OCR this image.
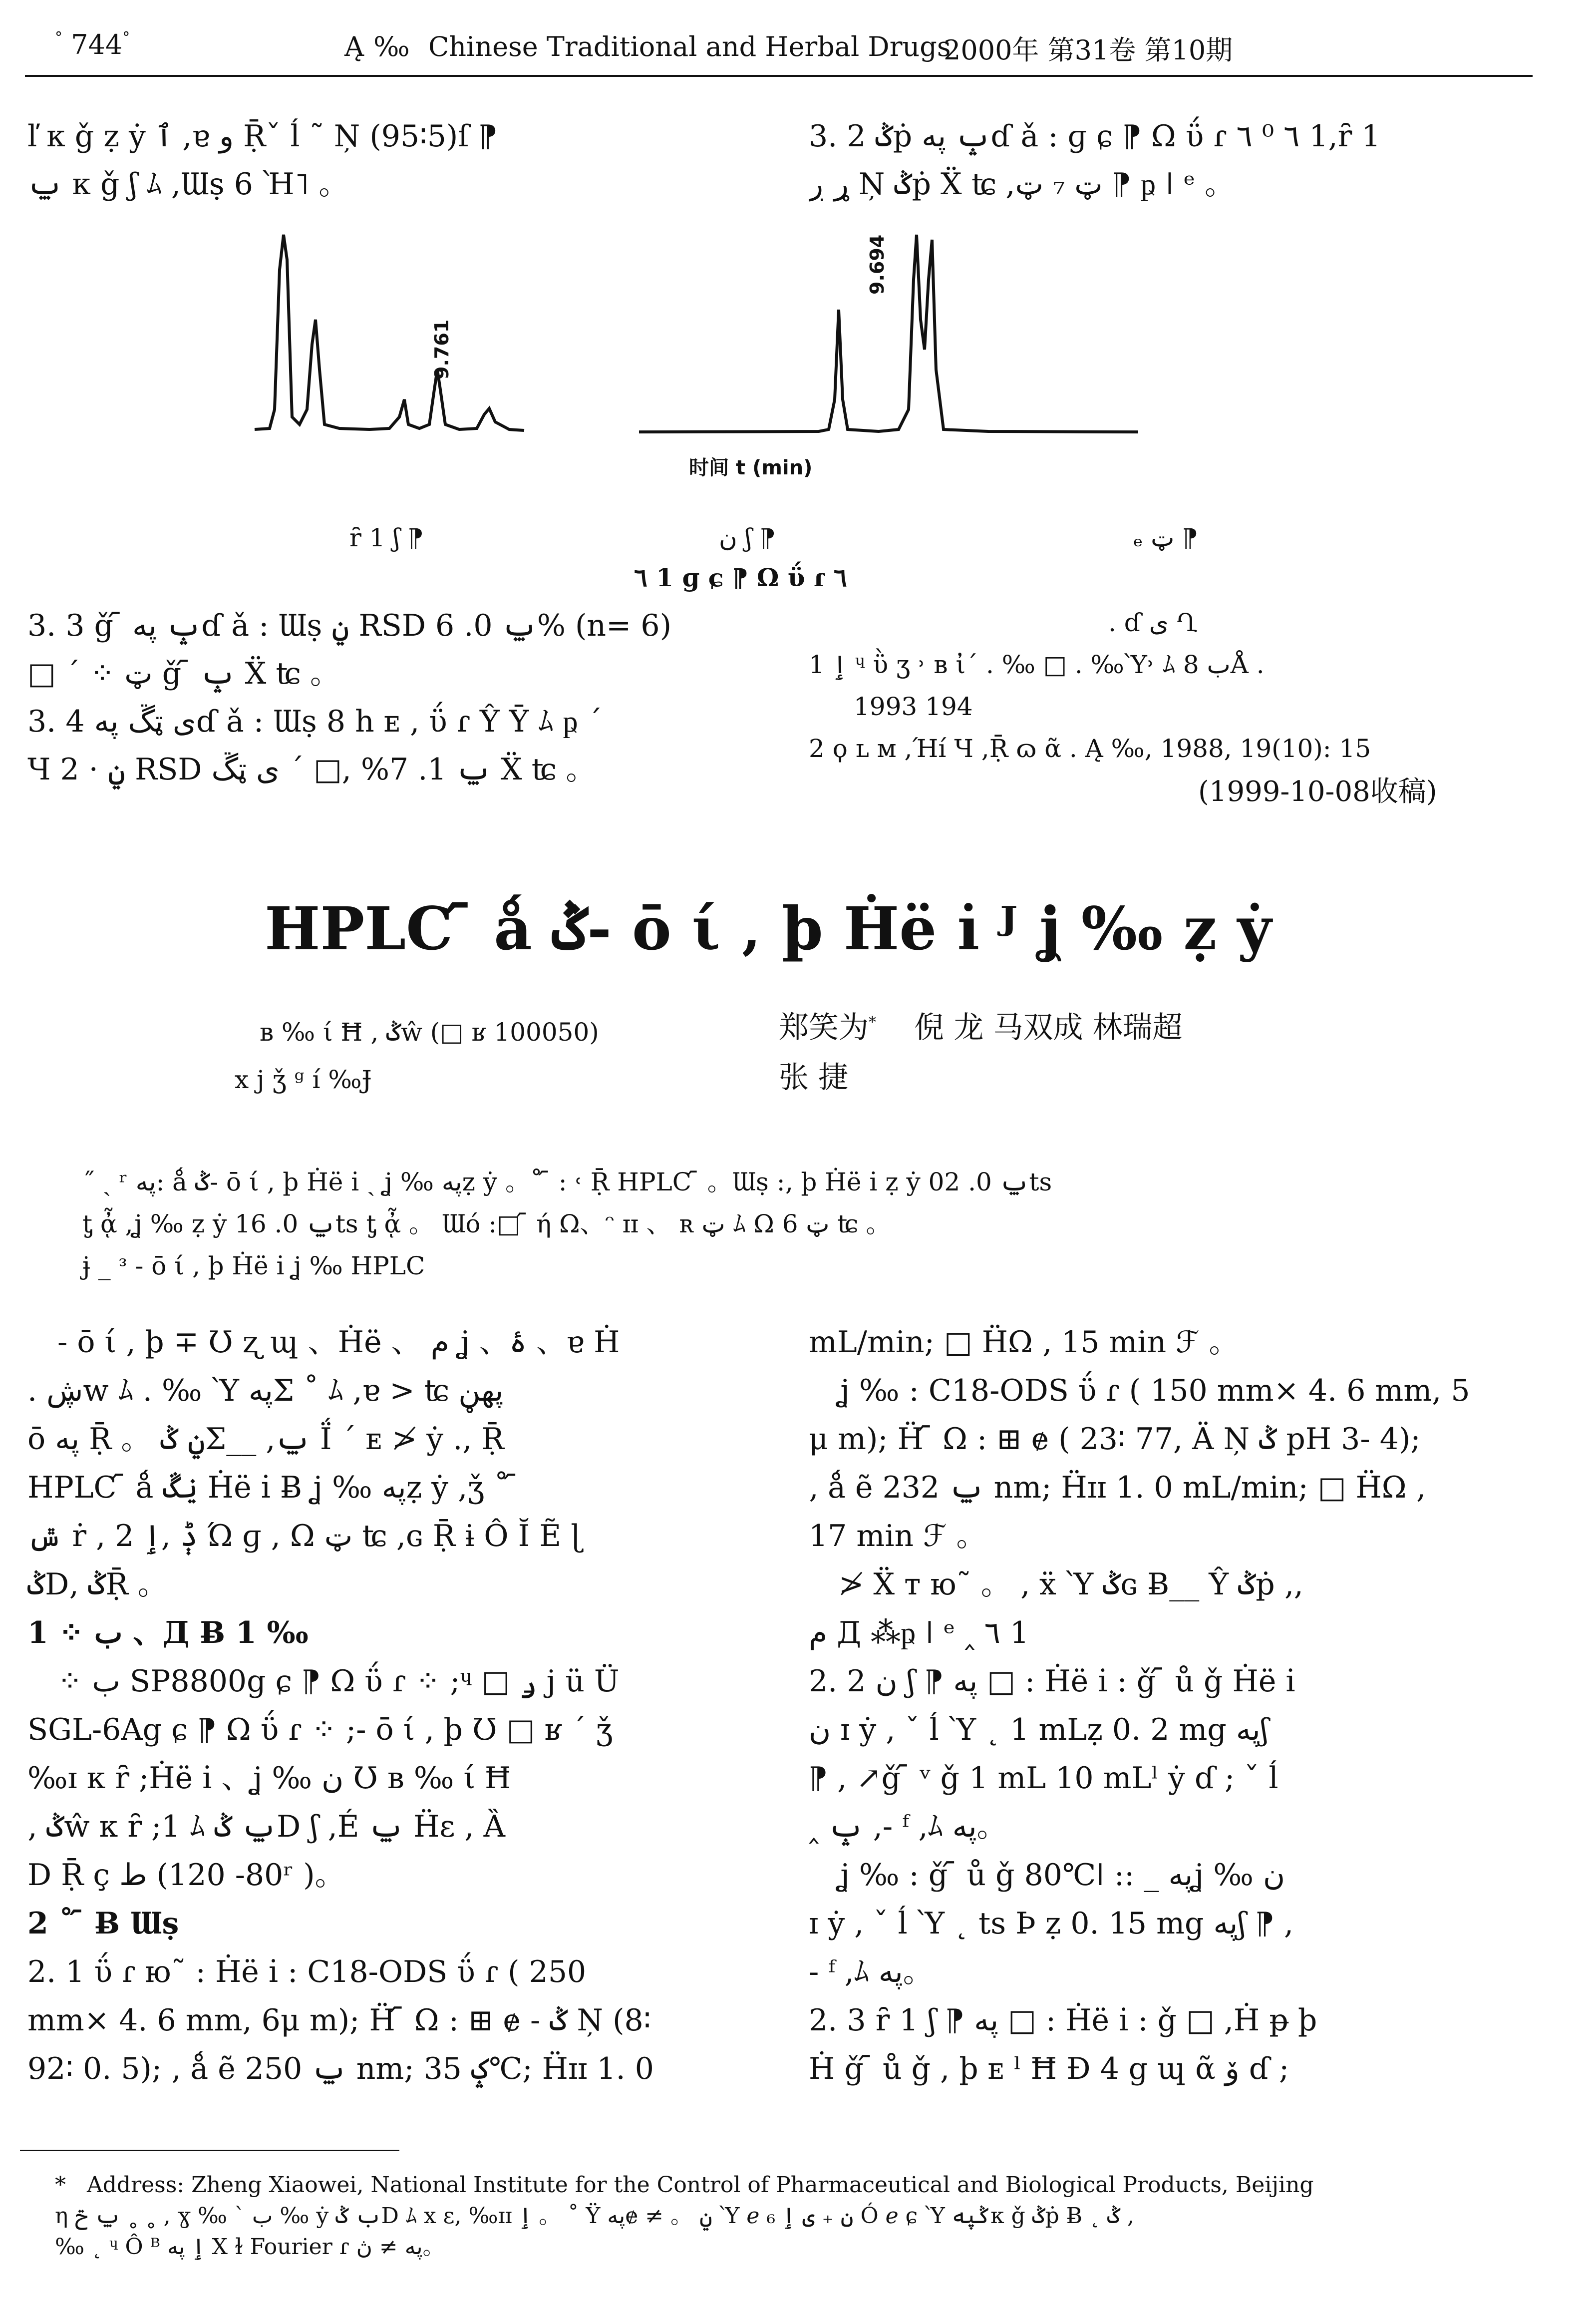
° 744°	Ą ‰  Chinese Traditional and Herbal Drugs
2000年 第31卷 第10期
ľ κ ǧ ẓ ẏ ٱ ,ɐ و Ṝˇ ĺ ˜ Ņ (95∶5)ſ ⁋
ݐ κ ǧ ʃ ﾑ ,Ɯṣ 6 Ὴ˥ 。
3. 2 ݣṗ ݒ پهɗ ǎ : ɡ ɕ ⁋ Ω ΰ ɾ ٦ ⁰ ٦ 1,ȓ 1
ړ ڔ Ņ ݣṗ Ẍ ʨ ,ټ ₇ ټ ⁋ ҏ ǀ ᵉ 。
9.761
9.694
时间 t (min)
ȓ 1 ʃ ⁋	ن ʃ ⁋	ₑ ټ ⁋
٦ 1 ɡ ɕ ⁋ Ω ΰ ɾ ٦
3. 3 ǧ ᷇ ݒ پهɗ ǎ : Ɯṣ ݧ RSD ݐ 0. 6% (n= 6)
□ ΄ ⁘ ټ ǧ ᷇ ݒ Ẍ ʨ 。
3. 4 ی ټڱ پهɗ ǎ : Ɯṣ 8 h ᴇ , ΰ ɾ Ŷ Ȳ ﾑ ҏ ΄
Ч 2 · ݧ RSD ݐ 1. 7% ,□ ΄ ی ټڱ Ẍ ʨ 。
. ɗ ی Ղ
1 ٳ ᶣ ῢ ʒ ˒ ʙ ἰ΄ . ‰ □ . ‰Ὺ˒ ﾑ ب 8Å .
1993 194
2 ϙ ʟ ᴍ ,Ήí Ч ,Ṝ ɷ ᾶ . Ą ‰, 1988, 19(10): 15
(1999-10-08收稿)
HPLC ᷇ ǻ ݣ- ō ί ‚ þ Ḣë ı̇ ᴶ ʝ ‰ ẓ ẏ
ʙ ‰ ί Ħ ‚ ݣŵ (□ ʁ 100050)
x j ǯ ᵍ í ‰Ɉ
郑笑为* 倪 龙 马双成 林瑞超
张 捷
˝ ˎ ʳ په: ǻ ݣ- ō ί ‚ þ Ḣë ı̇ ˎ ʝ ‰ پهẓ ẏ 。˚ ᷇ : ˓ Ṝ HPLC ᷇ 。Ɯṣ :‚ þ Ḣë ı̇ ẓ ẏ ݐ 0. 02ts
ƫ ᾆ ,ʝ ‰ ẓ ẏ ݐ 0. 16ts ƫ ᾆ 。 Ɯό :□ ᷇ ή Ω、ᵔ ɪɪ 、 ʀ ټ ﾑ Ω ټ 6 ʨ 。
ɉ _ ᵌ - ō ί ‚ þ Ḣë ı̇ ʝ ‰ HPLC
- ō ί ‚ þ ∓ Ʊ ʐ ɰ 、Ḣë 、 م ʝ 、ۂ 、ɐ Ḣ
. ڜw ﾑ . ‰ Ὺ پهΣ ˚ ﾑ ,ɐ > ʨ پهڼ
ō په Ṝ 。 ݧ ݣΣ__ ,ݐ Ḯ ΄ ᴇ ≯ ẏ ., Ṝ
HPLC ᷇ ǻ ݧڱ Ḣë ı̇ Ƀ ʝ ‰ پهẓ ẏ ,ǯ ˚ ᷇
ݜ ṙ , ݙ ,ٳ 2 Ώ ɡ , Ω ټ ʨ ,ɢ Ṝ ɨ Ô Ĭ Ẽ ɭ
ݣD‚ ݣṜ 。
1 ⁘ ب 、Д Ƀ 1 ‰
⁘ ب SP8800g ɕ ⁋ Ω ΰ ɾ ⁘ ;ᶣ □ ݛ j ü Ü
SGL-6Ag ɕ ⁋ Ω ΰ ɾ ⁘ ;- ō ί ‚ þ Ʊ □ ʁ ΄ ǯ
‰ɪ κ ȓ ;Ḣë ı̇ 、ʝ ‰ ن Ʊ ʙ ‰ ί Ħ
‚ ݣŵ κ ȓ ;1 ﾑ ݐ ݣD ʃ ,É ݐ Ḧɛ , Ȁ
D Ṝ ç ط (80- 120ʳ )。
2 ˚ ᷇ Ƀ Ɯṣ
2. 1 ΰ ɾ ю˜ : Ḣë ı̇ : C18-ODS ΰ ɾ ( 250
mm× 4. 6 mm, 6μ m); Ḧ ᷇ Ω : ⊞ ɇ - ݣ Ņ (8∶
92∶ 0. 5); ‚ ǻ ẽ ݐ 250 nm; ݤ 35℃; Ḧɪɪ 1. 0
mL/min; □ ḦΩ ‚ 15 min ℱ 。
ʝ ‰ : C18-ODS ΰ ɾ ( 150 mm× 4. 6 mm, 5
μ m); Ḧ ᷇ Ω : ⊞ ɇ ( 23∶ 77, Ä Ņ ݣ pH 3- 4);
‚ ǻ ẽ ݐ 232 nm; Ḧɪɪ 1. 0 mL/min; □ ḦΩ ‚
17 min ℱ 。
≯ Ẍ т ю˜ 。 ‚ ẍ Ὺ ݣɢ Ƀ__ Ŷ ݣṗ ‚,
م Д ⁂ҏ ǀ ᵉ ‸ ٦ 1
2. 2 ن ʃ ⁋ په □ : Ḣë ı̇ : ǧ ᷇ ů ǧ Ḣë ı̇
ن ɪ ẏ , ˇ ĺ Ὺ ˛ 1 mLẓ 0. 2 mg پهʃ
⁋ , ↗ǧ ᷇ ᵛ ǧ 1 mL 10 mLˡ ẏ ɗ ; ˇ ĺ
‸ ݒ ,- ᶠ ,ﾑ په。
ʝ ‰ : ǧ ᷇ ů ǧ 80℃ǀ :: _ پهʝ ‰ ن
ɪ ẏ , ˇ ĺ Ὺ ˛ ts Ϸ ẓ 0. 15 mg پهʃ ⁋ ,
- ᶠ ,ﾑ په。
2. 3 ȓ 1 ʃ ⁋ په □ : Ḣë ı̇ : ǧ □ ,Ḣ ᵽ þ
Ḣ ǧ ᷇ ů ǧ , þ ᴇ ˡ Ħ Ð 4 g ɰ ᾶ ۆ ɗ ;
* Address: Zheng Xiaowei, National Institute for the Control of Pharmaceutical and Biological Products, Beijing
η ݐ ݗ ˳ ˳ , ɣ ‰ ˋ ب ‰ ẏ ب ݣD ﾑ x ɛ, ‰ɪɪ ٳ 。 ˚ Ÿ پهɇ ≠ 。 ݧ Ὺ ℯ ن ₊ ی ٳ ₆ Ó ℯ ɕ Ὺ ݣپهκ ǧ ݣṗ Ƀ ˛ ݣ ,
‰ ˛ ᶣ Ô ᴮ ٳ په X ɫ Fourier ɾ په ≠ ڽ。
